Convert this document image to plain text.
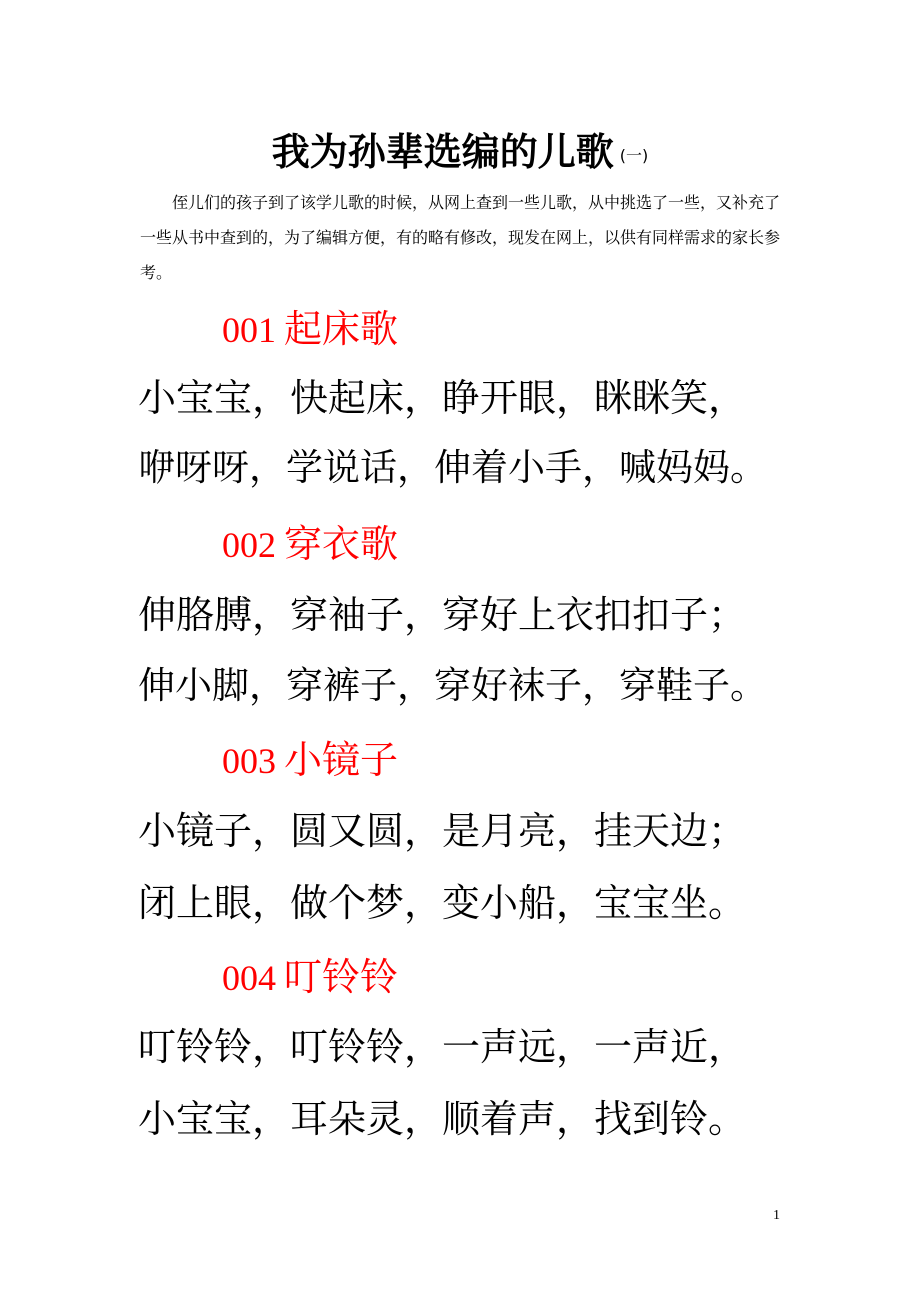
我为孙辈选编的儿歌 (一)
侄儿们的孩子到了该学儿歌的时候，从网上查到一些儿歌，从中挑选了一些，又补充了一些从书中查到的，为了编辑方便，有的略有修改，现发在网上，以供有同样需求的家长参考。
001 起床歌
小宝宝，快起床，睁开眼，眯眯笑，
咿呀呀，学说话，伸着小手，喊妈妈。
002 穿衣歌
伸胳膊，穿袖子，穿好上衣扣扣子；
伸小脚，穿裤子，穿好袜子，穿鞋子。
003 小镜子
小镜子，圆又圆，是月亮，挂天边；
闭上眼，做个梦，变小船，宝宝坐。
004 叮铃铃
叮铃铃，叮铃铃，一声远，一声近，
小宝宝，耳朵灵，顺着声，找到铃。
1
